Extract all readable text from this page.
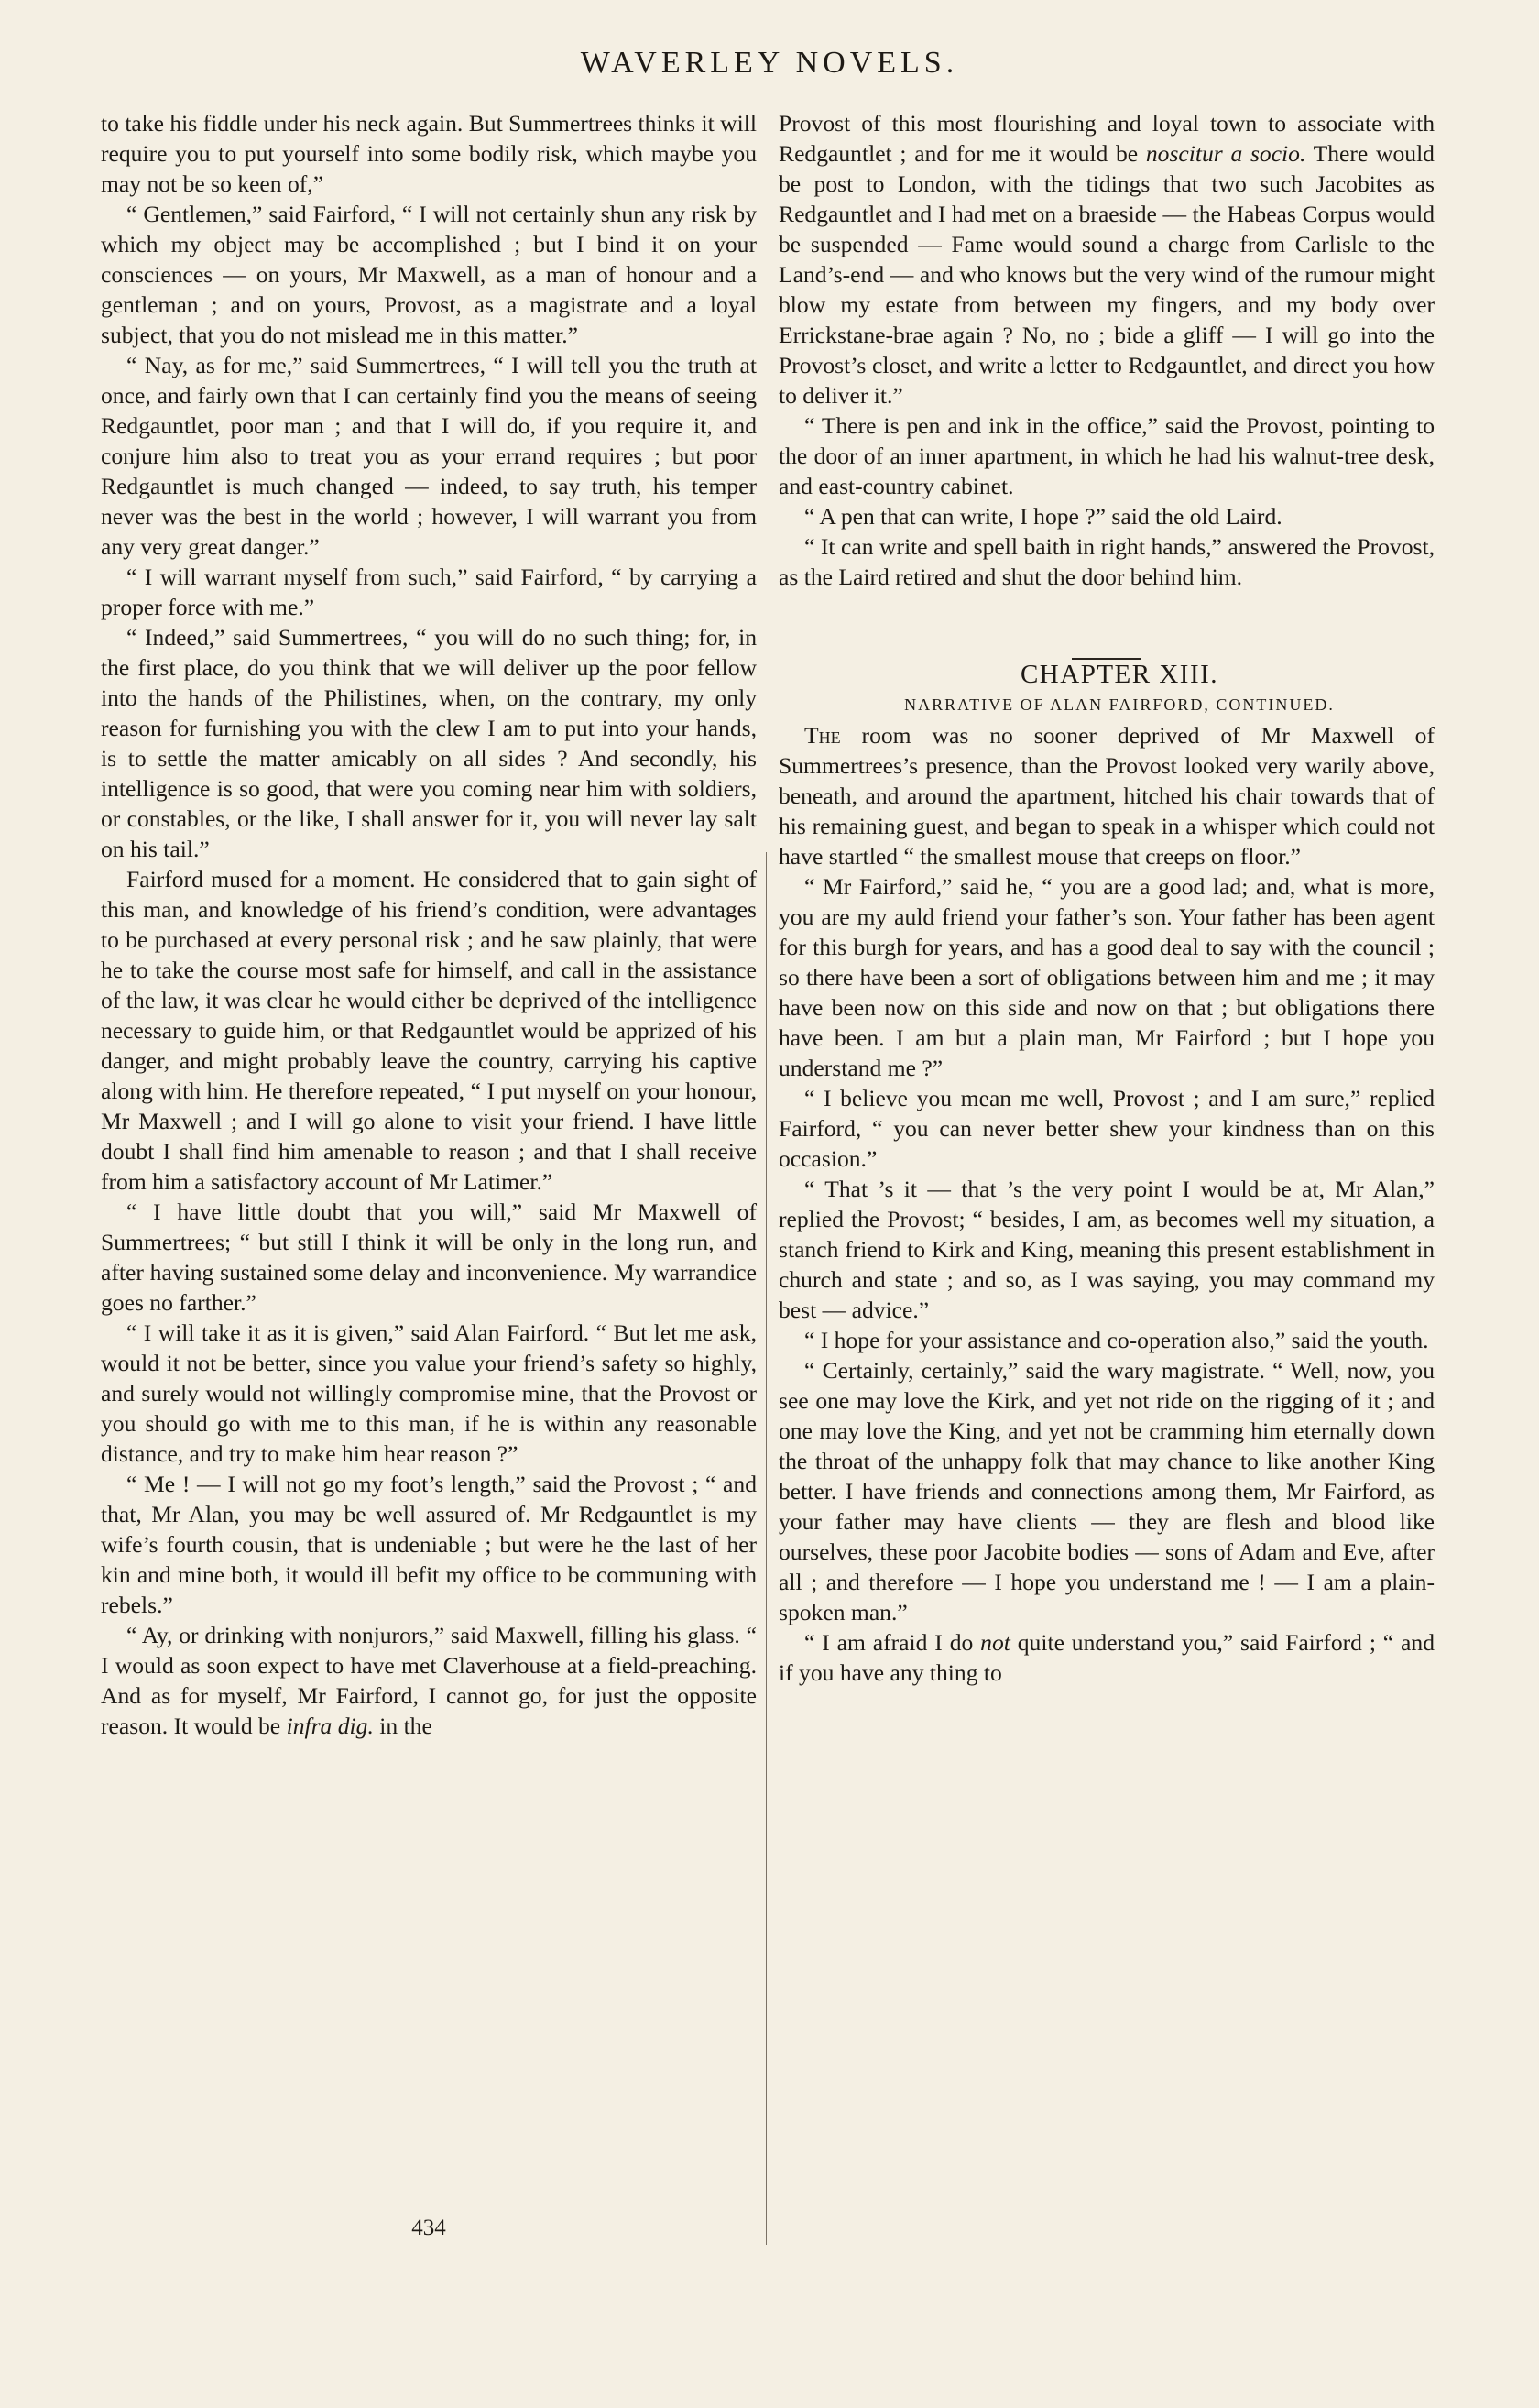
WAVERLEY NOVELS.

to take his fiddle under his neck again. But Summertrees thinks it will require you to put yourself into some bodily risk, which maybe you may not be so keen of,”

“ Gentlemen,” said Fairford, “ I will not certainly shun any risk by which my object may be accomplished ; but I bind it on your consciences — on yours, Mr Maxwell, as a man of honour and a gentleman ; and on yours, Provost, as a magistrate and a loyal subject, that you do not mislead me in this matter.”

“ Nay, as for me,” said Summertrees, “ I will tell you the truth at once, and fairly own that I can certainly find you the means of seeing Redgauntlet, poor man ; and that I will do, if you require it, and conjure him also to treat you as your errand requires ; but poor Redgauntlet is much changed — indeed, to say truth, his temper never was the best in the world ; however, I will warrant you from any very great danger.”

“ I will warrant myself from such,” said Fairford, “ by carrying a proper force with me.”

“ Indeed,” said Summertrees, “ you will do no such thing; for, in the first place, do you think that we will deliver up the poor fellow into the hands of the Philistines, when, on the contrary, my only reason for furnishing you with the clew I am to put into your hands, is to settle the matter amicably on all sides ? And secondly, his intelligence is so good, that were you coming near him with soldiers, or constables, or the like, I shall answer for it, you will never lay salt on his tail.”

Fairford mused for a moment. He considered that to gain sight of this man, and knowledge of his friend’s condition, were advantages to be purchased at every personal risk ; and he saw plainly, that were he to take the course most safe for himself, and call in the assistance of the law, it was clear he would either be deprived of the intelligence necessary to guide him, or that Redgauntlet would be apprized of his danger, and might probably leave the country, carrying his captive along with him. He therefore repeated, “ I put myself on your honour, Mr Maxwell ; and I will go alone to visit your friend. I have little doubt I shall find him amenable to reason ; and that I shall receive from him a satisfactory account of Mr Latimer.”

“ I have little doubt that you will,” said Mr Maxwell of Summertrees; “ but still I think it will be only in the long run, and after having sustained some delay and inconvenience. My warrandice goes no farther.”

“ I will take it as it is given,” said Alan Fairford. “ But let me ask, would it not be better, since you value your friend’s safety so highly, and surely would not willingly compromise mine, that the Provost or you should go with me to this man, if he is within any reasonable distance, and try to make him hear reason ?”

“ Me ! — I will not go my foot’s length,” said the Provost ; “ and that, Mr Alan, you may be well assured of. Mr Redgauntlet is my wife’s fourth cousin, that is undeniable ; but were he the last of her kin and mine both, it would ill befit my office to be communing with rebels.”

“ Ay, or drinking with nonjurors,” said Maxwell, filling his glass. “ I would as soon expect to have met Claverhouse at a field-preaching. And as for myself, Mr Fairford, I cannot go, for just the opposite reason. It would be infra dig. in the

Provost of this most flourishing and loyal town to associate with Redgauntlet ; and for me it would be noscitur a socio. There would be post to London, with the tidings that two such Jacobites as Redgauntlet and I had met on a braeside — the Habeas Corpus would be suspended — Fame would sound a charge from Carlisle to the Land’s-end — and who knows but the very wind of the rumour might blow my estate from between my fingers, and my body over Errickstane-brae again ? No, no ; bide a gliff — I will go into the Provost’s closet, and write a letter to Redgauntlet, and direct you how to deliver it.”

“ There is pen and ink in the office,” said the Provost, pointing to the door of an inner apartment, in which he had his walnut-tree desk, and east-country cabinet.

“ A pen that can write, I hope ?” said the old Laird.

“ It can write and spell baith in right hands,” answered the Provost, as the Laird retired and shut the door behind him.

CHAPTER XIII.

NARRATIVE OF ALAN FAIRFORD, CONTINUED.

The room was no sooner deprived of Mr Maxwell of Summertrees’s presence, than the Provost looked very warily above, beneath, and around the apartment, hitched his chair towards that of his remaining guest, and began to speak in a whisper which could not have startled “ the smallest mouse that creeps on floor.”

“ Mr Fairford,” said he, “ you are a good lad; and, what is more, you are my auld friend your father’s son. Your father has been agent for this burgh for years, and has a good deal to say with the council ; so there have been a sort of obligations between him and me ; it may have been now on this side and now on that ; but obligations there have been. I am but a plain man, Mr Fairford ; but I hope you understand me ?”

“ I believe you mean me well, Provost ; and I am sure,” replied Fairford, “ you can never better shew your kindness than on this occasion.”

“ That ’s it — that ’s the very point I would be at, Mr Alan,” replied the Provost; “ besides, I am, as becomes well my situation, a stanch friend to Kirk and King, meaning this present establishment in church and state ; and so, as I was saying, you may command my best — advice.”

“ I hope for your assistance and co-operation also,” said the youth.

“ Certainly, certainly,” said the wary magistrate. “ Well, now, you see one may love the Kirk, and yet not ride on the rigging of it ; and one may love the King, and yet not be cramming him eternally down the throat of the unhappy folk that may chance to like another King better. I have friends and connections among them, Mr Fairford, as your father may have clients — they are flesh and blood like ourselves, these poor Jacobite bodies — sons of Adam and Eve, after all ; and therefore — I hope you understand me ! — I am a plain-spoken man.”

“ I am afraid I do not quite understand you,” said Fairford ; “ and if you have any thing to

434
